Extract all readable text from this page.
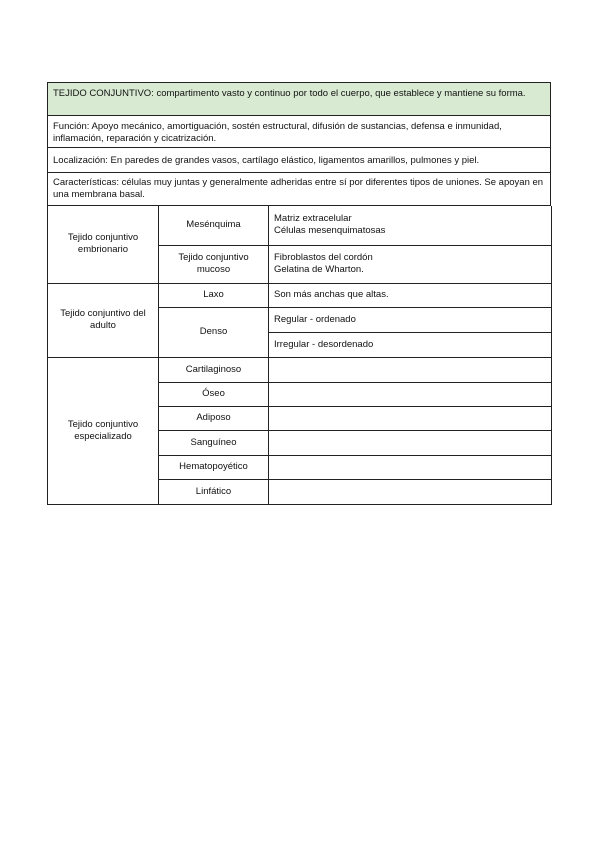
TEJIDO CONJUNTIVO: compartimento vasto y continuo por todo el cuerpo, que establece y mantiene su forma.
Función: Apoyo mecánico, amortiguación, sostén estructural, difusión de sustancias, defensa e inmunidad, inflamación, reparación y cicatrización.
Localización: En paredes de grandes vasos, cartílago elástico, ligamentos amarillos, pulmones y piel.
Características: células muy juntas y generalmente adheridas entre sí por diferentes tipos de uniones. Se apoyan en una membrana basal.
Tejido conjuntivo embrionario	Mesénquima	Matriz extracelular
Células mesenquimatosas

	Tejido conjuntivo mucoso	Fibroblastos del cordón
Gelatina de Wharton.

Tejido conjuntivo del adulto	Laxo	Son más anchas que altas.
	Denso	Regular - ordenado
		Irregular - desordenado
Tejido conjuntivo especializado	Cartilaginoso	
	Óseo	
	Adiposo	
	Sanguíneo	
	Hematopoyético	
	Linfático	
